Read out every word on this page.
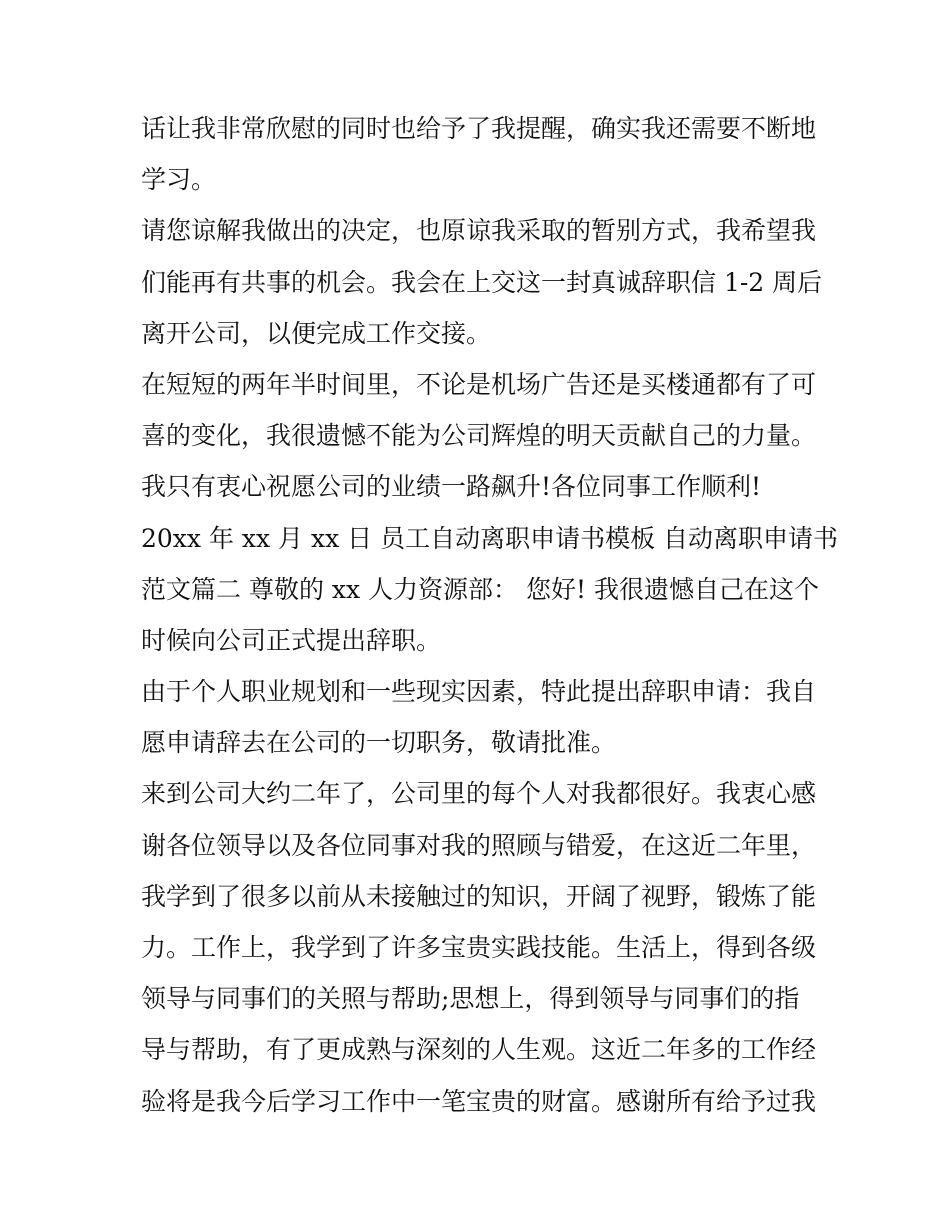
话让我非常欣慰的同时也给予了我提醒，确实我还需要不断地
学习。
请您谅解我做出的决定，也原谅我采取的暂别方式，我希望我
们能再有共事的机会。我会在上交这一封真诚辞职信 1-2 周后
离开公司，以便完成工作交接。
在短短的两年半时间里，不论是机场广告还是买楼通都有了可
喜的变化，我很遗憾不能为公司辉煌的明天贡献自己的力量。
我只有衷心祝愿公司的业绩一路飙升!各位同事工作顺利!
20xx 年 xx 月 xx 日 员工自动离职申请书模板 自动离职申请书
范文篇二 尊敬的 xx 人力资源部： 您好! 我很遗憾自己在这个
时候向公司正式提出辞职。
由于个人职业规划和一些现实因素，特此提出辞职申请：我自
愿申请辞去在公司的一切职务，敬请批准。
来到公司大约二年了，公司里的每个人对我都很好。我衷心感
谢各位领导以及各位同事对我的照顾与错爱，在这近二年里，
我学到了很多以前从未接触过的知识，开阔了视野，锻炼了能
力。工作上，我学到了许多宝贵实践技能。生活上，得到各级
领导与同事们的关照与帮助;思想上，得到领导与同事们的指
导与帮助，有了更成熟与深刻的人生观。这近二年多的工作经
验将是我今后学习工作中一笔宝贵的财富。感谢所有给予过我
